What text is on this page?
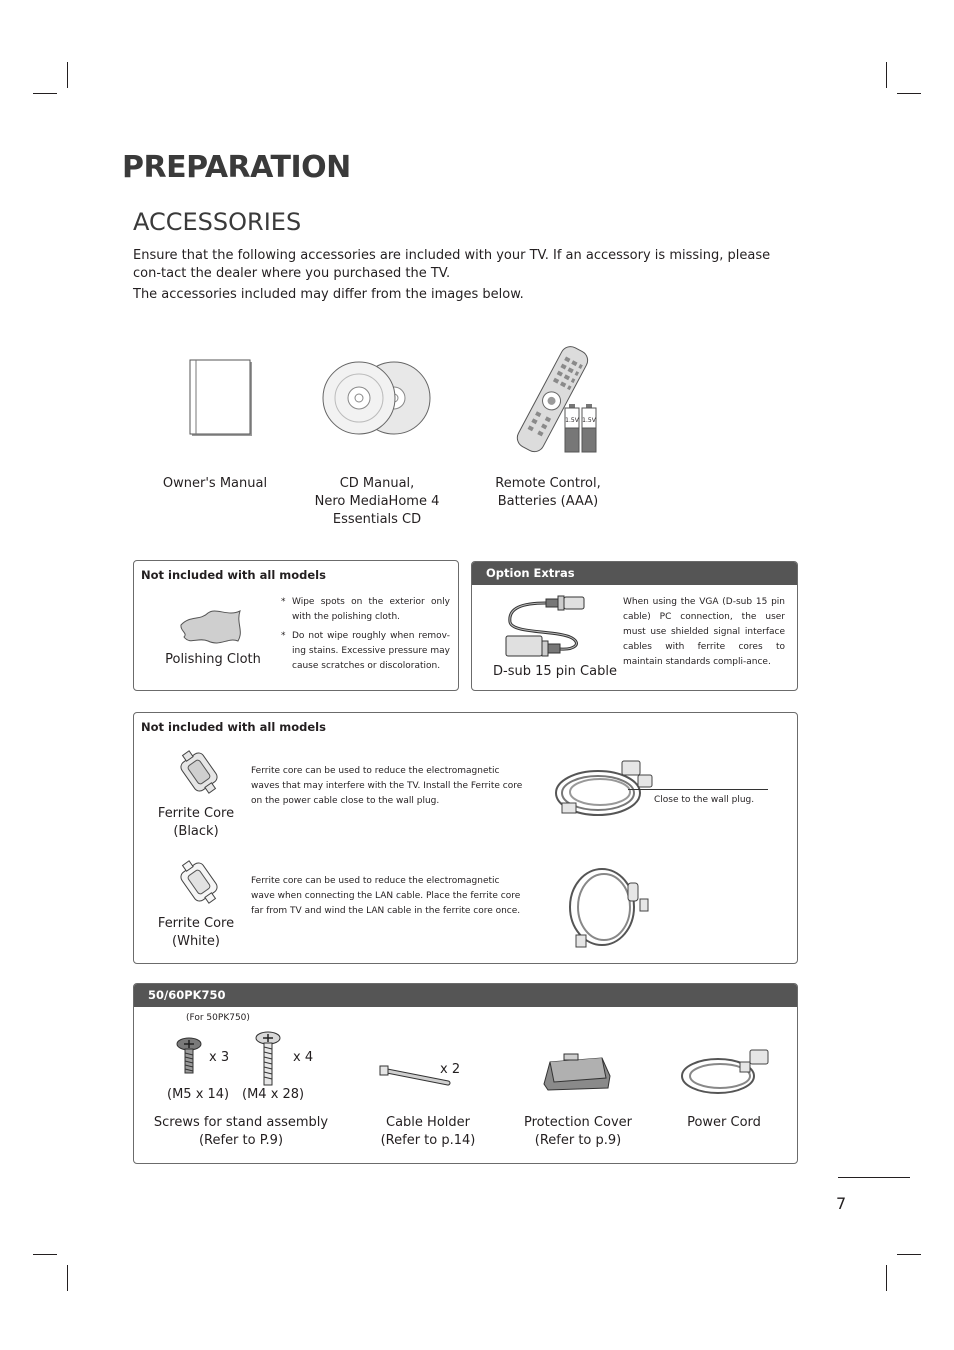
PREPARATION
ACCESSORIES

Ensure that the following accessories are included with your TV. If an accessory is missing, please con-tact the dealer where you purchased the TV.

The accessories included may differ from the images below.

Owner's Manual	CD Manual,
Nero MediaHome 4
Essentials CD
1.5V 1.5V
Remote Control,
Batteries (AAA)
Not included with all models
Polishing Cloth
* Wipe spots on the exterior only with the polishing cloth.
* Do not wipe roughly when remov-ing stains. Excessive pressure may cause scratches or discoloration.
Option Extras
D-sub 15 pin Cable
When using the VGA (D-sub 15 pin cable) PC connection, the user must use shielded signal interface cables with ferrite cores to maintain standards compli-ance.
Not included with all models
Ferrite Core
(Black)
Ferrite core can be used to reduce the electromagnetic waves that may interfere with the TV. Install the Ferrite core on the power cable close to the wall plug.	Close to the wall plug.
Ferrite Core
(White)
Ferrite core can be used to reduce the electromagnetic wave when connecting the LAN cable. Place the ferrite core far from TV and wind the LAN cable in the ferrite core once.
50/60PK750
(For 50PK750)
x 3	x 4
(M5 x 14) (M4 x 28)
Screws for stand assembly
(Refer to P.9)
x 2
Cable Holder
(Refer to p.14)
Protection Cover
(Refer to p.9)
Power Cord
7
